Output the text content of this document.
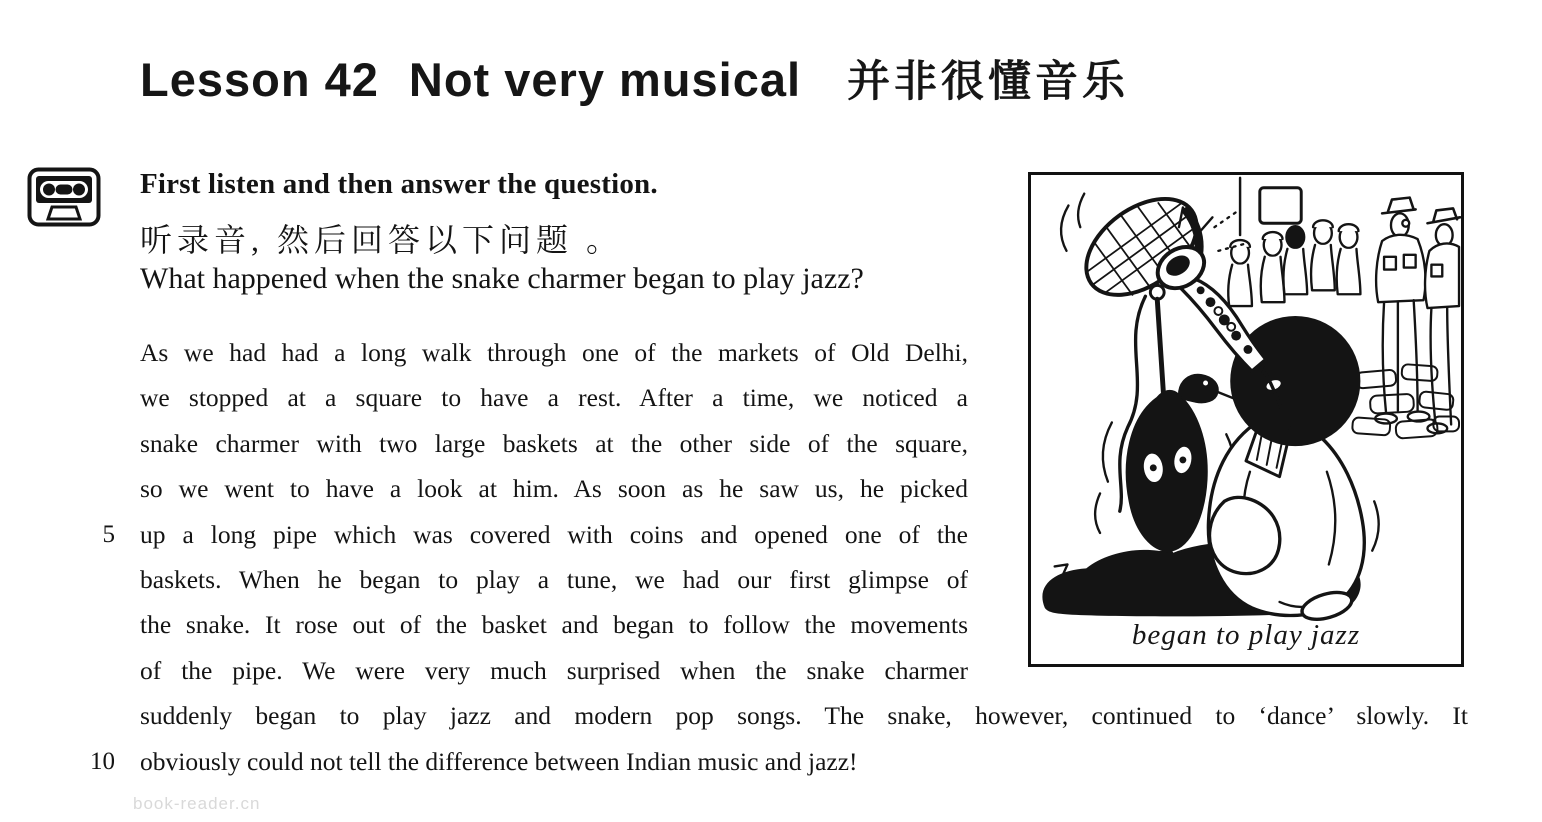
Lesson 42 Not very musical 并非很懂音乐
First listen and then answer the question.
听录音, 然后回答以下问题 。
What happened when the snake charmer began to play jazz?
5
10
As we had had a long walk through one of the markets of Old Delhi,
we stopped at a square to have a rest. After a time, we noticed a
snake charmer with two large baskets at the other side of the square,
so we went to have a look at him. As soon as he saw us, he picked
up a long pipe which was covered with coins and opened one of the
baskets. When he began to play a tune, we had our first glimpse of
the snake. It rose out of the basket and began to follow the movements
of the pipe. We were very much surprised when the snake charmer
suddenly began to play jazz and modern pop songs. The snake, however, continued to ‘dance’ slowly. It
obviously could not tell the difference between Indian music and jazz!
began to play jazz
book-reader.cn
